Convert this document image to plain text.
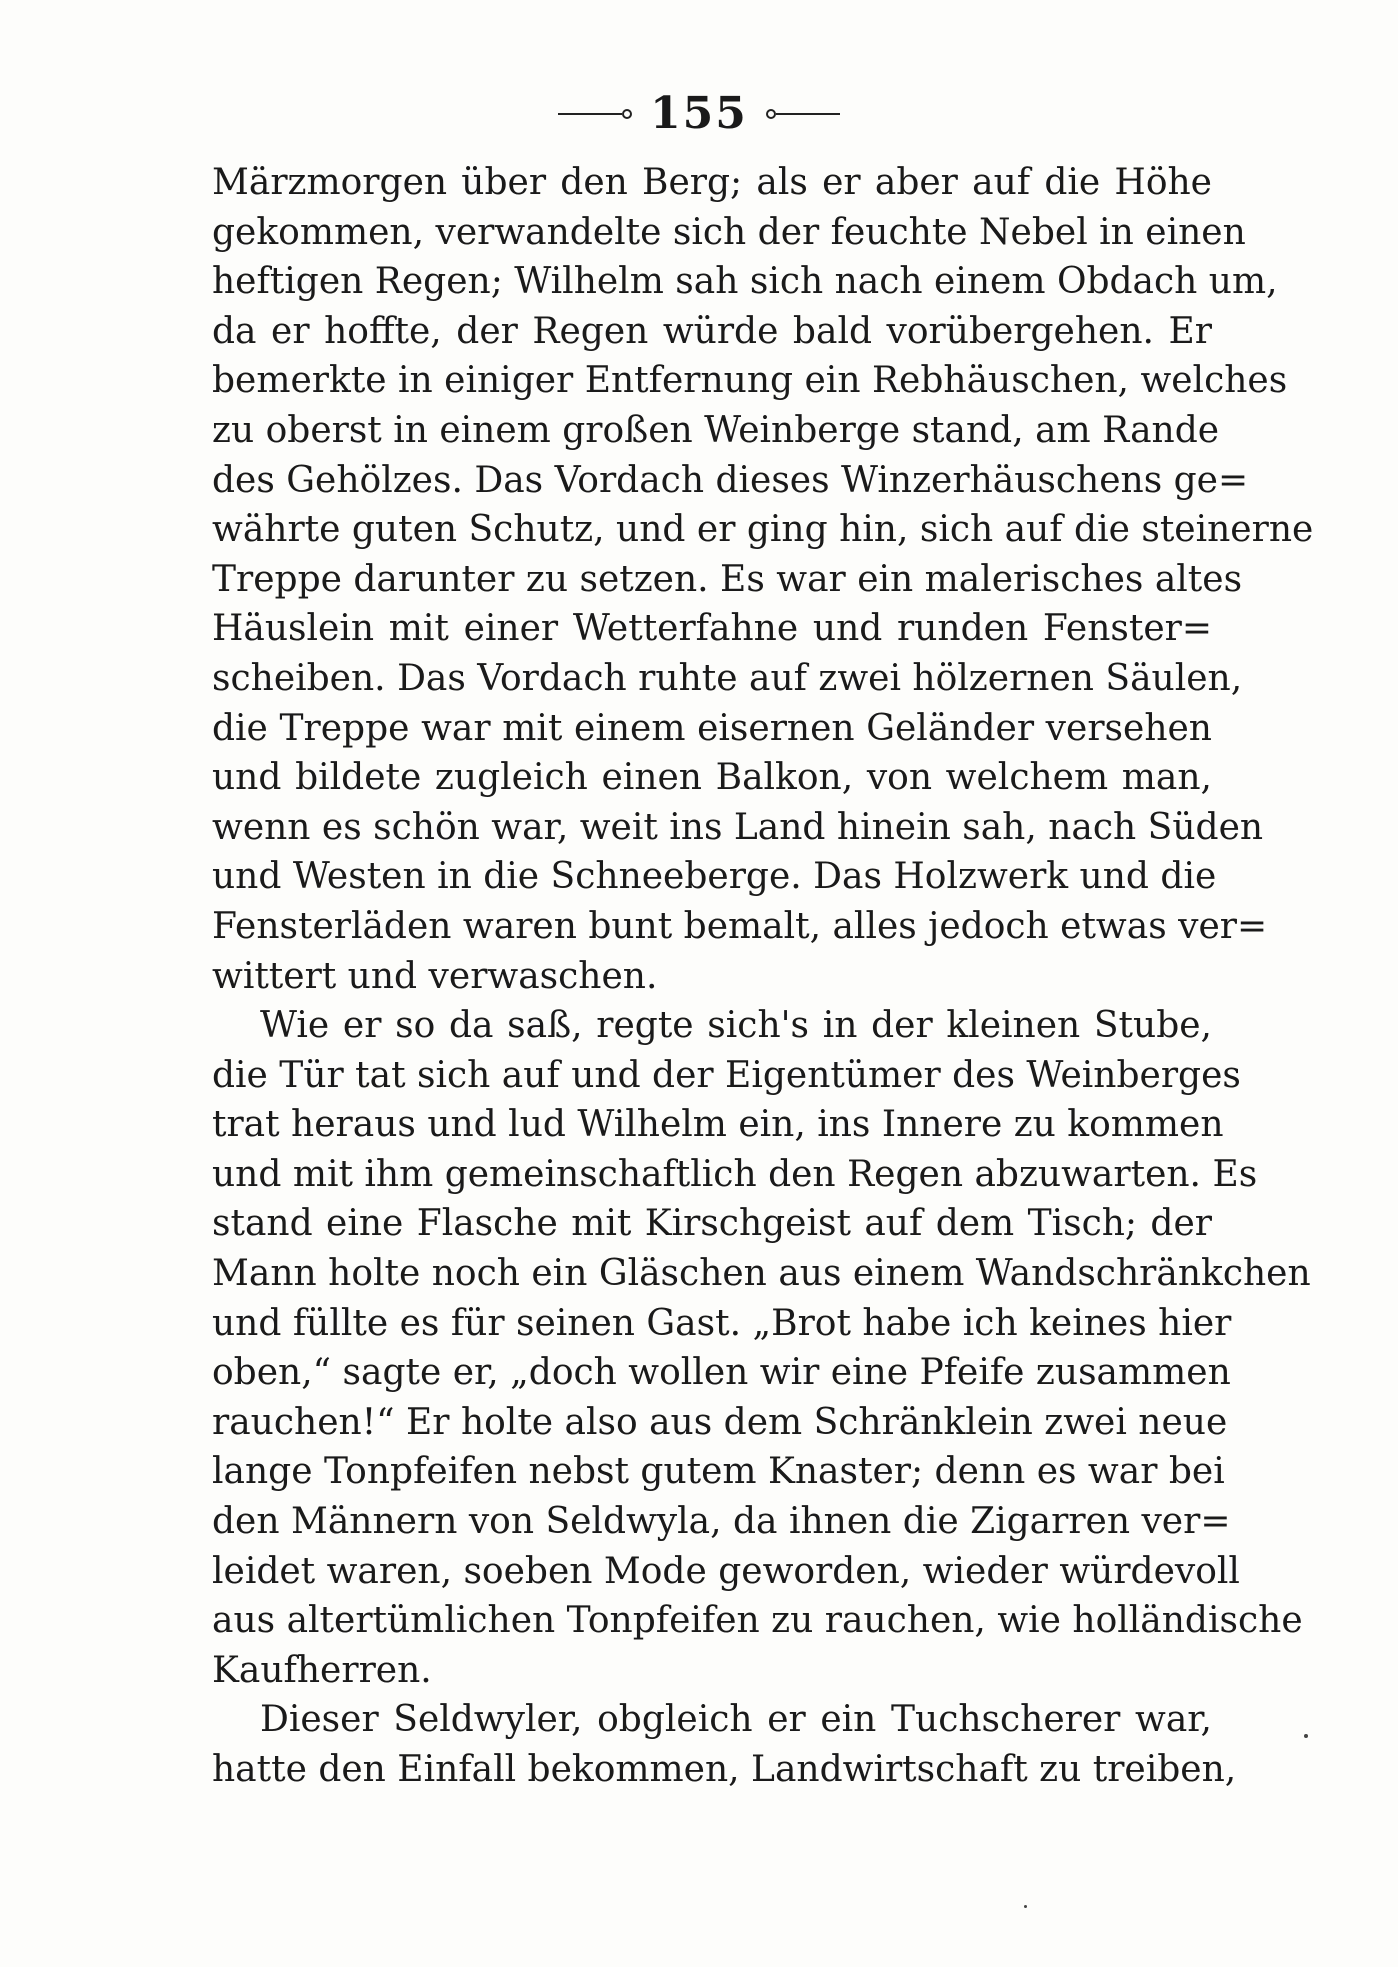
155
Märzmorgen über den Berg; als er aber auf die Höhe
gekommen, verwandelte sich der feuchte Nebel in einen
heftigen Regen; Wilhelm sah sich nach einem Obdach um,
da er hoffte, der Regen würde bald vorübergehen. Er
bemerkte in einiger Entfernung ein Rebhäuschen, welches
zu oberst in einem großen Weinberge stand, am Rande
des Gehölzes. Das Vordach dieses Winzerhäuschens ge=
währte guten Schutz, und er ging hin, sich auf die steinerne
Treppe darunter zu setzen. Es war ein malerisches altes
Häuslein mit einer Wetterfahne und runden Fenster=
scheiben. Das Vordach ruhte auf zwei hölzernen Säulen,
die Treppe war mit einem eisernen Geländer versehen
und bildete zugleich einen Balkon, von welchem man,
wenn es schön war, weit ins Land hinein sah, nach Süden
und Westen in die Schneeberge. Das Holzwerk und die
Fensterläden waren bunt bemalt, alles jedoch etwas ver=
wittert und verwaschen.
Wie er so da saß, regte sich's in der kleinen Stube,
die Tür tat sich auf und der Eigentümer des Weinberges
trat heraus und lud Wilhelm ein, ins Innere zu kommen
und mit ihm gemeinschaftlich den Regen abzuwarten. Es
stand eine Flasche mit Kirschgeist auf dem Tisch; der
Mann holte noch ein Gläschen aus einem Wandschränkchen
und füllte es für seinen Gast. „Brot habe ich keines hier
oben,“ sagte er, „doch wollen wir eine Pfeife zusammen
rauchen!“ Er holte also aus dem Schränklein zwei neue
lange Tonpfeifen nebst gutem Knaster; denn es war bei
den Männern von Seldwyla, da ihnen die Zigarren ver=
leidet waren, soeben Mode geworden, wieder würdevoll
aus altertümlichen Tonpfeifen zu rauchen, wie holländische
Kaufherren.
Dieser Seldwyler, obgleich er ein Tuchscherer war,
hatte den Einfall bekommen, Landwirtschaft zu treiben,
